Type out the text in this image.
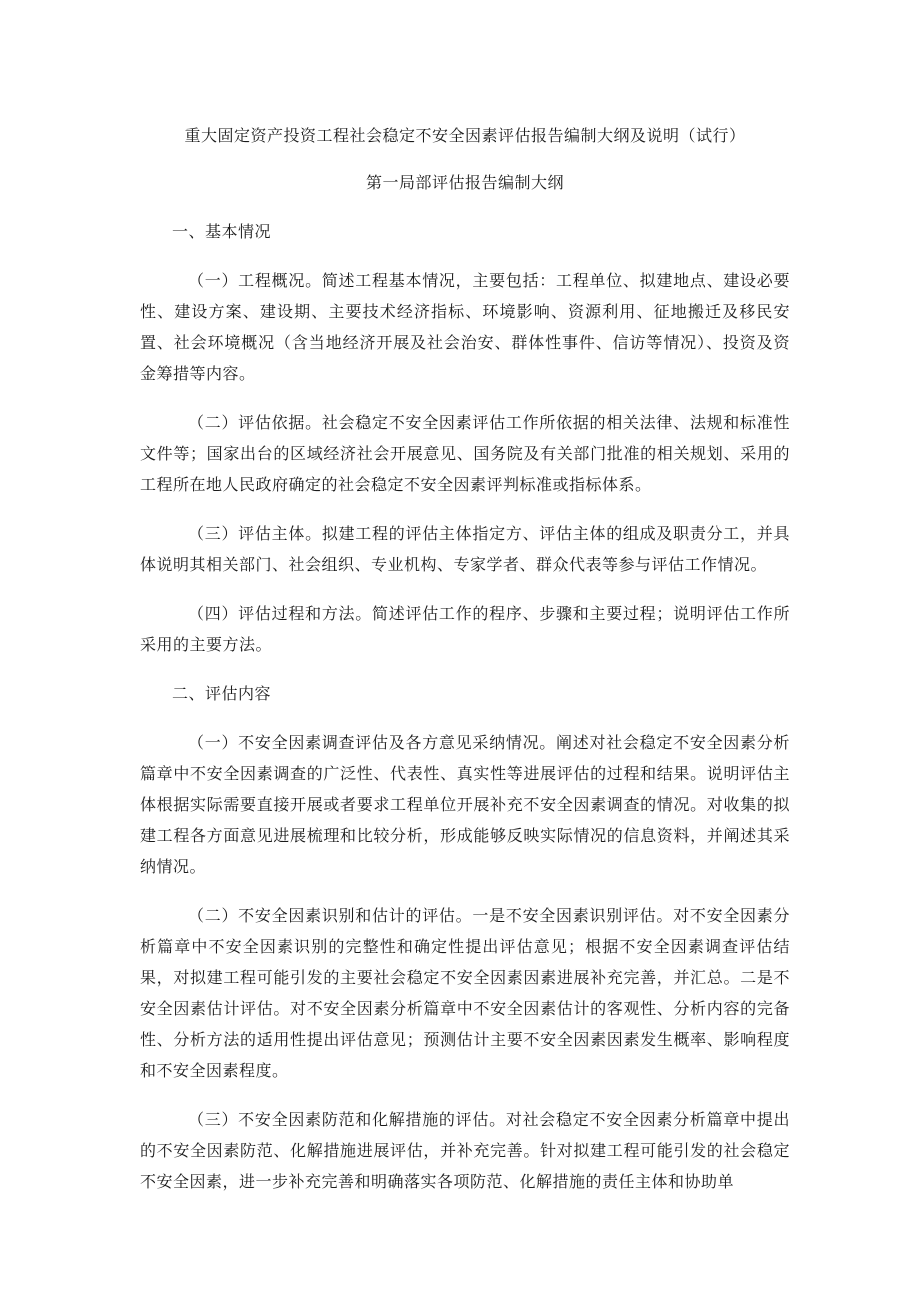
重大固定资产投资工程社会稳定不安全因素评估报告编制大纲及说明（试行）
第一局部评估报告编制大纲
一、基本情况

（一）工程概况。简述工程基本情况，主要包括：工程单位、拟建地点、建设必要性、建设方案、建设期、主要技术经济指标、环境影响、资源利用、征地搬迁及移民安置、社会环境概况（含当地经济开展及社会治安、群体性事件、信访等情况）、投资及资金筹措等内容。

（二）评估依据。社会稳定不安全因素评估工作所依据的相关法律、法规和标准性文件等；国家出台的区域经济社会开展意见、国务院及有关部门批准的相关规划、采用的工程所在地人民政府确定的社会稳定不安全因素评判标准或指标体系。

（三）评估主体。拟建工程的评估主体指定方、评估主体的组成及职责分工，并具体说明其相关部门、社会组织、专业机构、专家学者、群众代表等参与评估工作情况。

（四）评估过程和方法。简述评估工作的程序、步骤和主要过程；说明评估工作所采用的主要方法。

二、评估内容

（一）不安全因素调查评估及各方意见采纳情况。阐述对社会稳定不安全因素分析篇章中不安全因素调查的广泛性、代表性、真实性等进展评估的过程和结果。说明评估主体根据实际需要直接开展或者要求工程单位开展补充不安全因素调查的情况。对收集的拟建工程各方面意见进展梳理和比较分析，形成能够反映实际情况的信息资料，并阐述其采纳情况。

（二）不安全因素识别和估计的评估。一是不安全因素识别评估。对不安全因素分析篇章中不安全因素识别的完整性和确定性提出评估意见；根据不安全因素调查评估结果，对拟建工程可能引发的主要社会稳定不安全因素因素进展补充完善，并汇总。二是不安全因素估计评估。对不安全因素分析篇章中不安全因素估计的客观性、分析内容的完备性、分析方法的适用性提出评估意见；预测估计主要不安全因素因素发生概率、影响程度和不安全因素程度。

（三）不安全因素防范和化解措施的评估。对社会稳定不安全因素分析篇章中提出的不安全因素防范、化解措施进展评估，并补充完善。针对拟建工程可能引发的社会稳定不安全因素，进一步补充完善和明确落实各项防范、化解措施的责任主体和协助单
